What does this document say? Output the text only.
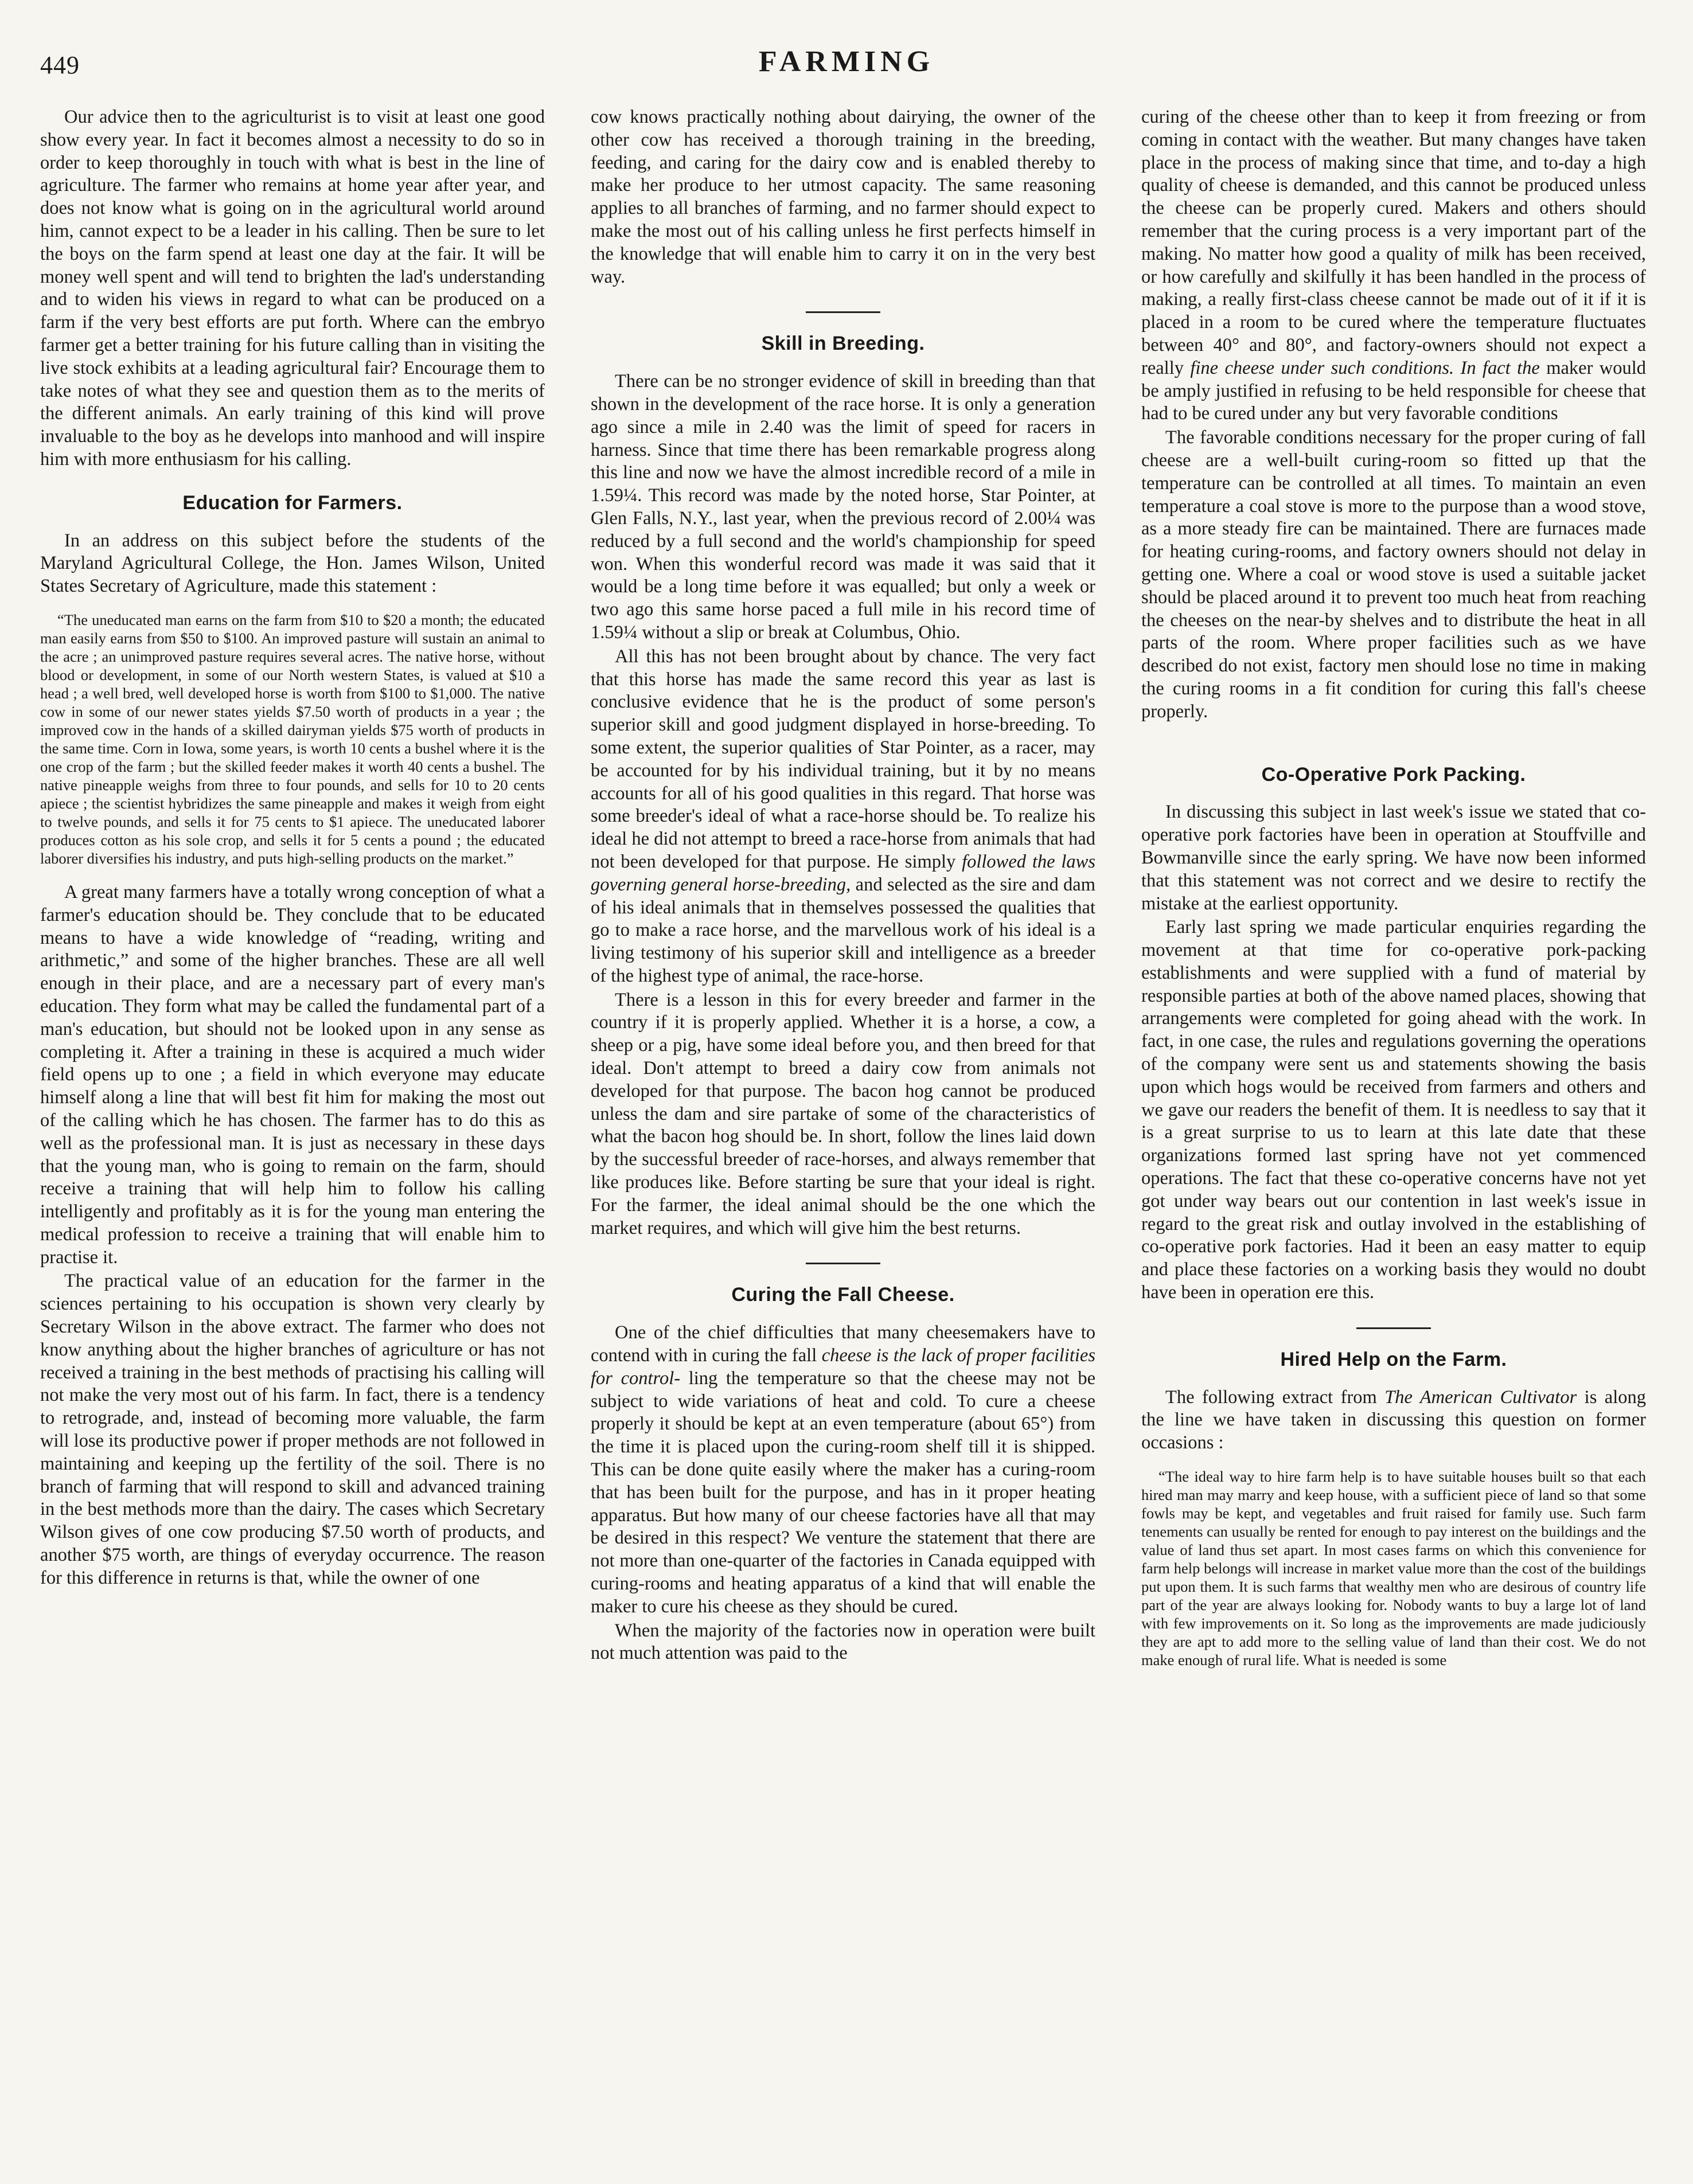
449	FARMING

Our advice then to the agriculturist is to visit at least one good show every year. In fact it becomes almost a necessity to do so in order to keep thoroughly in touch with what is best in the line of agriculture. The farmer who remains at home year after year, and does not know what is going on in the agricultural world around him, cannot expect to be a leader in his calling. Then be sure to let the boys on the farm spend at least one day at the fair. It will be money well spent and will tend to brighten the lad's understanding and to widen his views in regard to what can be produced on a farm if the very best efforts are put forth. Where can the embryo farmer get a better training for his future calling than in visiting the live stock exhibits at a leading agricultural fair? Encourage them to take notes of what they see and question them as to the merits of the different animals. An early training of this kind will prove invaluable to the boy as he develops into manhood and will inspire him with more enthusiasm for his calling.

Education for Farmers.

In an address on this subject before the students of the Maryland Agricultural College, the Hon. James Wilson, United States Secretary of Agriculture, made this statement :

“The uneducated man earns on the farm from $10 to $20 a month; the educated man easily earns from $50 to $100. An improved pasture will sustain an animal to the acre ; an unimproved pasture requires several acres. The native horse, without blood or development, in some of our North western States, is valued at $10 a head ; a well bred, well developed horse is worth from $100 to $1,000. The native cow in some of our newer states yields $7.50 worth of products in a year ; the improved cow in the hands of a skilled dairyman yields $75 worth of products in the same time. Corn in Iowa, some years, is worth 10 cents a bushel where it is the one crop of the farm ; but the skilled feeder makes it worth 40 cents a bushel. The native pineapple weighs from three to four pounds, and sells for 10 to 20 cents apiece ; the scientist hybridizes the same pineapple and makes it weigh from eight to twelve pounds, and sells it for 75 cents to $1 apiece. The uneducated laborer produces cotton as his sole crop, and sells it for 5 cents a pound ; the educated laborer diversifies his industry, and puts high-selling products on the market.”

A great many farmers have a totally wrong conception of what a farmer's education should be. They conclude that to be educated means to have a wide knowledge of “reading, writing and arithmetic,” and some of the higher branches. These are all well enough in their place, and are a necessary part of every man's education. They form what may be called the fundamental part of a man's education, but should not be looked upon in any sense as completing it. After a training in these is acquired a much wider field opens up to one ; a field in which everyone may educate himself along a line that will best fit him for making the most out of the calling which he has chosen. The farmer has to do this as well as the professional man. It is just as necessary in these days that the young man, who is going to remain on the farm, should receive a training that will help him to follow his calling intelligently and profitably as it is for the young man entering the medical profession to receive a training that will enable him to practise it.

The practical value of an education for the farmer in the sciences pertaining to his occupation is shown very clearly by Secretary Wilson in the above extract. The farmer who does not know anything about the higher branches of agriculture or has not received a training in the best methods of practising his calling will not make the very most out of his farm. In fact, there is a tendency to retrograde, and, instead of becoming more valuable, the farm will lose its productive power if proper methods are not followed in maintaining and keeping up the fertility of the soil. There is no branch of farming that will respond to skill and advanced training in the best methods more than the dairy. The cases which Secretary Wilson gives of one cow producing $7.50 worth of products, and another $75 worth, are things of everyday occurrence. The reason for this difference in returns is that, while the owner of one

cow knows practically nothing about dairying, the owner of the other cow has received a thorough training in the breeding, feeding, and caring for the dairy cow and is enabled thereby to make her produce to her utmost capacity. The same reasoning applies to all branches of farming, and no farmer should expect to make the most out of his calling unless he first perfects himself in the knowledge that will enable him to carry it on in the very best way.

Skill in Breeding.

There can be no stronger evidence of skill in breeding than that shown in the development of the race horse. It is only a generation ago since a mile in 2.40 was the limit of speed for racers in harness. Since that time there has been remarkable progress along this line and now we have the almost incredible record of a mile in 1.59¼. This record was made by the noted horse, Star Pointer, at Glen Falls, N.Y., last year, when the previous record of 2.00¼ was reduced by a full second and the world's championship for speed won. When this wonderful record was made it was said that it would be a long time before it was equalled; but only a week or two ago this same horse paced a full mile in his record time of 1.59¼ without a slip or break at Columbus, Ohio.

All this has not been brought about by chance. The very fact that this horse has made the same record this year as last is conclusive evidence that he is the product of some person's superior skill and good judgment displayed in horse-breeding. To some extent, the superior qualities of Star Pointer, as a racer, may be accounted for by his individual training, but it by no means accounts for all of his good qualities in this regard. That horse was some breeder's ideal of what a race-horse should be. To realize his ideal he did not attempt to breed a race-horse from animals that had not been developed for that purpose. He simply followed the laws governing general horse-breeding, and selected as the sire and dam of his ideal animals that in themselves possessed the qualities that go to make a race horse, and the marvellous work of his ideal is a living testimony of his superior skill and intelligence as a breeder of the highest type of animal, the race-horse.

There is a lesson in this for every breeder and farmer in the country if it is properly applied. Whether it is a horse, a cow, a sheep or a pig, have some ideal before you, and then breed for that ideal. Don't attempt to breed a dairy cow from animals not developed for that purpose. The bacon hog cannot be produced unless the dam and sire partake of some of the characteristics of what the bacon hog should be. In short, follow the lines laid down by the successful breeder of race-horses, and always remember that like produces like. Before starting be sure that your ideal is right. For the farmer, the ideal animal should be the one which the market requires, and which will give him the best returns.

Curing the Fall Cheese.

One of the chief difficulties that many cheesemakers have to contend with in curing the fall cheese is the lack of proper facilities for control- ling the temperature so that the cheese may not be subject to wide variations of heat and cold. To cure a cheese properly it should be kept at an even temperature (about 65°) from the time it is placed upon the curing-room shelf till it is shipped. This can be done quite easily where the maker has a curing-room that has been built for the purpose, and has in it proper heating apparatus. But how many of our cheese factories have all that may be desired in this respect? We venture the statement that there are not more than one-quarter of the factories in Canada equipped with curing-rooms and heating apparatus of a kind that will enable the maker to cure his cheese as they should be cured.

When the majority of the factories now in operation were built not much attention was paid to the

curing of the cheese other than to keep it from freezing or from coming in contact with the weather. But many changes have taken place in the process of making since that time, and to-day a high quality of cheese is demanded, and this cannot be produced unless the cheese can be properly cured. Makers and others should remember that the curing process is a very important part of the making. No matter how good a quality of milk has been received, or how carefully and skilfully it has been handled in the process of making, a really first-class cheese cannot be made out of it if it is placed in a room to be cured where the temperature fluctuates between 40° and 80°, and factory-owners should not expect a really fine cheese under such conditions. In fact the maker would be amply justified in refusing to be held responsible for cheese that had to be cured under any but very favorable conditions

The favorable conditions necessary for the proper curing of fall cheese are a well-built curing-room so fitted up that the temperature can be controlled at all times. To maintain an even temperature a coal stove is more to the purpose than a wood stove, as a more steady fire can be maintained. There are furnaces made for heating curing-rooms, and factory owners should not delay in getting one. Where a coal or wood stove is used a suitable jacket should be placed around it to prevent too much heat from reaching the cheeses on the near-by shelves and to distribute the heat in all parts of the room. Where proper facilities such as we have described do not exist, factory men should lose no time in making the curing rooms in a fit condition for curing this fall's cheese properly.

Co-Operative Pork Packing.

In discussing this subject in last week's issue we stated that co-operative pork factories have been in operation at Stouffville and Bowmanville since the early spring. We have now been informed that this statement was not correct and we desire to rectify the mistake at the earliest opportunity.

Early last spring we made particular enquiries regarding the movement at that time for co-operative pork-packing establishments and were supplied with a fund of material by responsible parties at both of the above named places, showing that arrangements were completed for going ahead with the work. In fact, in one case, the rules and regulations governing the operations of the company were sent us and statements showing the basis upon which hogs would be received from farmers and others and we gave our readers the benefit of them. It is needless to say that it is a great surprise to us to learn at this late date that these organizations formed last spring have not yet commenced operations. The fact that these co-operative concerns have not yet got under way bears out our contention in last week's issue in regard to the great risk and outlay involved in the establishing of co-operative pork factories. Had it been an easy matter to equip and place these factories on a working basis they would no doubt have been in operation ere this.

Hired Help on the Farm.

The following extract from The American Cultivator is along the line we have taken in discussing this question on former occasions :

“The ideal way to hire farm help is to have suitable houses built so that each hired man may marry and keep house, with a sufficient piece of land so that some fowls may be kept, and vegetables and fruit raised for family use. Such farm tenements can usually be rented for enough to pay interest on the buildings and the value of land thus set apart. In most cases farms on which this convenience for farm help belongs will increase in market value more than the cost of the buildings put upon them. It is such farms that wealthy men who are desirous of country life part of the year are always looking for. Nobody wants to buy a large lot of land with few improvements on it. So long as the improvements are made judiciously they are apt to add more to the selling value of land than their cost. We do not make enough of rural life. What is needed is some
